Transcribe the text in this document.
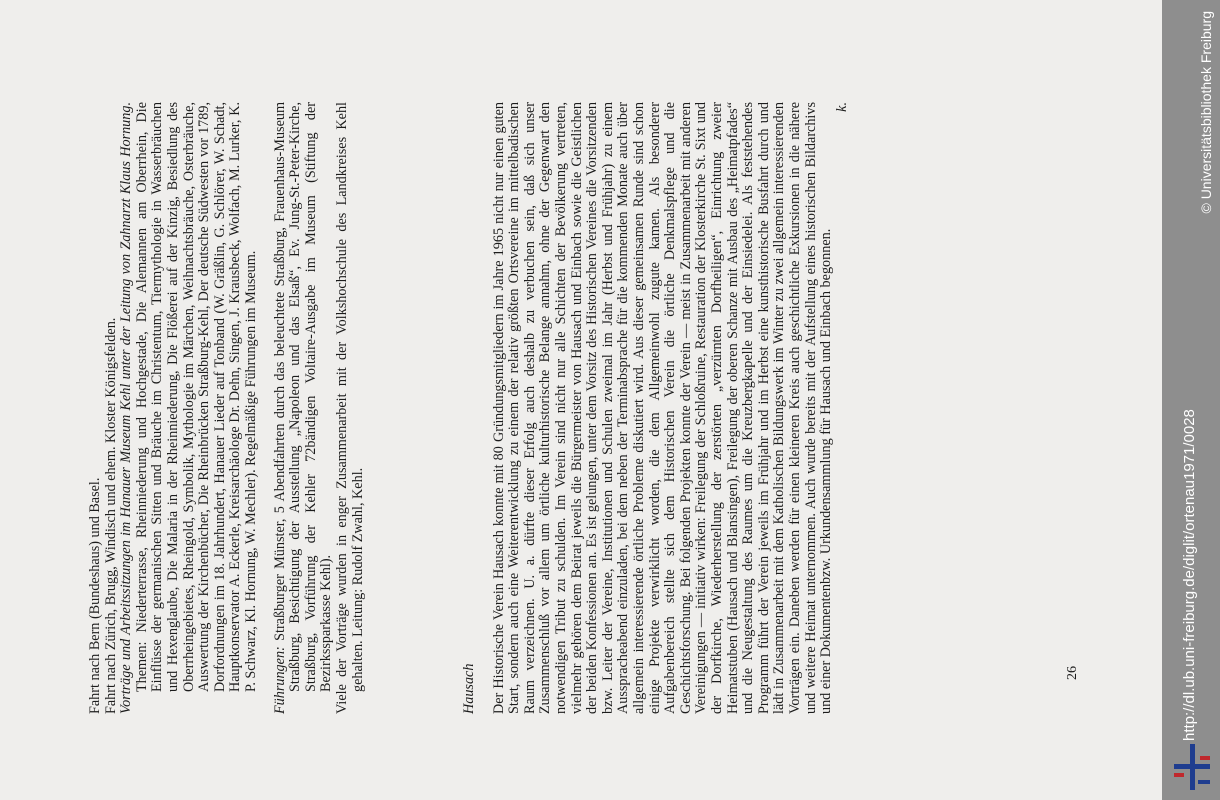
Fahrt nach Bern (Bundeshaus) und Basel. Fahrt nach Zürich, Brugg, Windisch und ehem. Kloster Königsfelden. Vorträge und Arbeitssitzungen im Hanauer Museum Kehl unter der Leitung von Zahnarzt Klaus Hornung. Themen: Niederterrasse, Rheinniederung und Hochgestade, Die Alemannen am Oberrhein, Die Einflüsse der germanischen Sitten und Bräuche im Christentum, Tiermythologie in Wasserbräuchen und Hexenglaube, Die Malaria in der Rheinniederung, Die Flößerei auf der Kinzig, Besiedlung des Oberrheingebietes, Rheingold, Symbolik, Mythologie im Märchen, Weihnachtsbräuche, Osterbräuche, Auswertung der Kirchenbücher, Die Rheinbrücken Straßburg-Kehl, Der deutsche Südwesten vor 1789, Dorfordnungen im 18. Jahrhundert, Hanauer Lieder auf Tonband (W. Gräßlin, G. Schlörer, W. Schadt, Hauptkonservator A. Eckerle, Kreisarchäologe Dr. Dehn, Singen, J. Krausbeck, Wolfach, M. Lurker, K. P. Schwarz, Kl. Hornung, W. Mechler). Regelmäßige Führungen im Museum. Führungen: Straßburger Münster, 5 Abendfahrten durch das beleuchtete Straßburg, Frauenhaus-Museum Straßburg, Besichtigung der Ausstellung „Napoleon und das Elsaß“, Ev. Jung-St.-Peter-Kirche, Straßburg, Vorführung der Kehler 72bändigen Voltaire-Ausgabe im Museum (Stiftung der Bezirkssparkasse Kehl). Viele der Vorträge wurden in enger Zusammenarbeit mit der Volkshochschule des Landkreises Kehl gehalten. Leitung: Rudolf Zwahl, Kehl.	Hausach Der Historische Verein Hausach konnte mit 80 Gründungsmitgliedern im Jahre 1965 nicht nur einen guten Start, sondern auch eine Weiterentwicklung zu einem der relativ größten Ortsvereine im mittelbadischen Raum verzeichnen. U. a. dürfte dieser Erfolg auch deshalb zu verbuchen sein, daß sich unser Zusammenschluß vor allem um örtliche kulturhistorische Belange annahm, ohne der Gegenwart den notwendigen Tribut zu schulden. Im Verein sind nicht nur alle Schichten der Bevölkerung vertreten, vielmehr gehören dem Beirat jeweils die Bürgermeister von Hausach und Einbach sowie die Geistlichen der beiden Konfessionen an. Es ist gelungen, unter dem Vorsitz des Historischen Vereines die Vorsitzenden bzw. Leiter der Vereine, Institutionen und Schulen zweimal im Jahr (Herbst und Frühjahr) zu einem Ausspracheabend einzuladen, bei dem neben der Terminabsprache für die kommenden Monate auch über allgemein interessierende örtliche Probleme diskutiert wird. Aus dieser gemeinsamen Runde sind schon einige Projekte verwirklicht worden, die dem Allgemeinwohl zugute kamen. Als besonderer Aufgabenbereich stellte sich dem Historischen Verein die örtliche Denkmalspflege und die Geschichtsforschung. Bei folgenden Projekten konnte der Verein — meist in Zusammenarbeit mit anderen Vereinigungen — initiativ wirken: Freilegung der Schloßruine, Restauration der Klosterkirche St. Sixt und der Dorfkirche, Wiederherstellung der zerstörten „verzürnten Dorfheiligen“, Einrichtung zweier Heimatstuben (Hausach und Blansingen), Freilegung der oberen Schanze mit Ausbau des „Heimatpfades“ und die Neugestaltung des Raumes um die Kreuzbergkapelle und der Einsiedelei. Als feststehendes Programm führt der Verein jeweils im Frühjahr und im Herbst eine kunsthistorische Busfahrt durch und lädt in Zusammenarbeit mit dem Katholischen Bildungswerk im Winter zu zwei allgemein interessierenden Vorträgen ein. Daneben werden für einen kleineren Kreis auch geschichtliche Exkursionen in die nähere und weitere Heimat unternommen. Auch wurde bereits mit der Aufstellung eines historischen Bildarchivs und einer Dokumentenbzw. Urkundensammlung für Hausach und Einbach begonnen.

k.

26	http://dl.ub.uni-freiburg.de/diglit/ortenau1971/0028
© Universitätsbibliothek Freiburg
